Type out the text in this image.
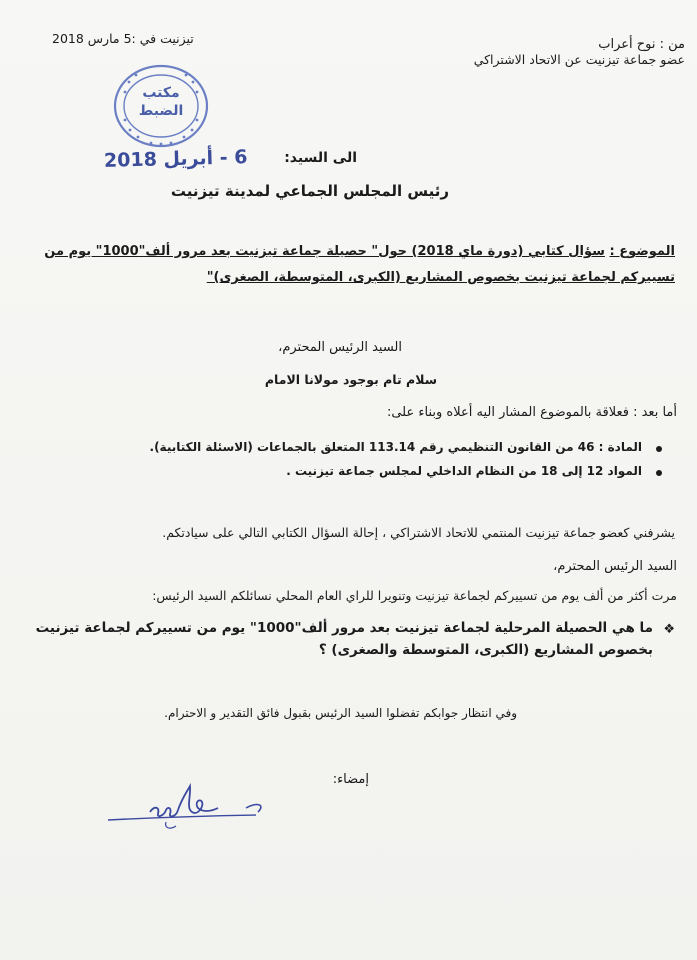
من : نوح أعراب
عضو جماعة تيزنيت عن الاتحاد الاشتراكي
تيزنيت في :5 مارس 2018
مكتب
الضبط
6 - أبريل 2018	الى السيد:
رئيس المجلس الجماعي لمدينة تيزنيت
الموضوع : سؤال كتابي (دورة ماي 2018) حول" حصيلة جماعة تيزنيت بعد مرور ألف"1000" يوم من
تسييركم لجماعة تيزنيت بخصوص المشاريع (الكبرى، المتوسطة، الصغرى)"
السيد الرئيس المحترم،
سلام تام بوجود مولانا الامام
أما بعد : فعلاقة بالموضوع المشار اليه أعلاه وبناء على:
المادة : 46 من القانون التنظيمي رقم 113.14 المتعلق بالجماعات (الاسئلة الكتابية).
المواد 12 إلى 18 من النظام الداخلي لمجلس جماعة تيزنيت .
يشرفني كعضو جماعة تيزنيت المنتمي للاتحاد الاشتراكي ، إحالة السؤال الكتابي التالي على سيادتكم.
السيد الرئيس المحترم،
مرت أكثر من ألف يوم من تسييركم لجماعة تيزنيت وتنويرا للراي العام المحلي نسائلكم السيد الرئيس:
❖
ما هي الحصيلة المرحلية لجماعة تيزنيت بعد مرور ألف"1000" يوم من تسييركم لجماعة تيزنيت
بخصوص المشاريع (الكبرى، المتوسطة والصغرى) ؟
وفي انتظار جوابكم تفضلوا السيد الرئيس بقبول فائق التقدير و الاحترام.
إمضاء:
